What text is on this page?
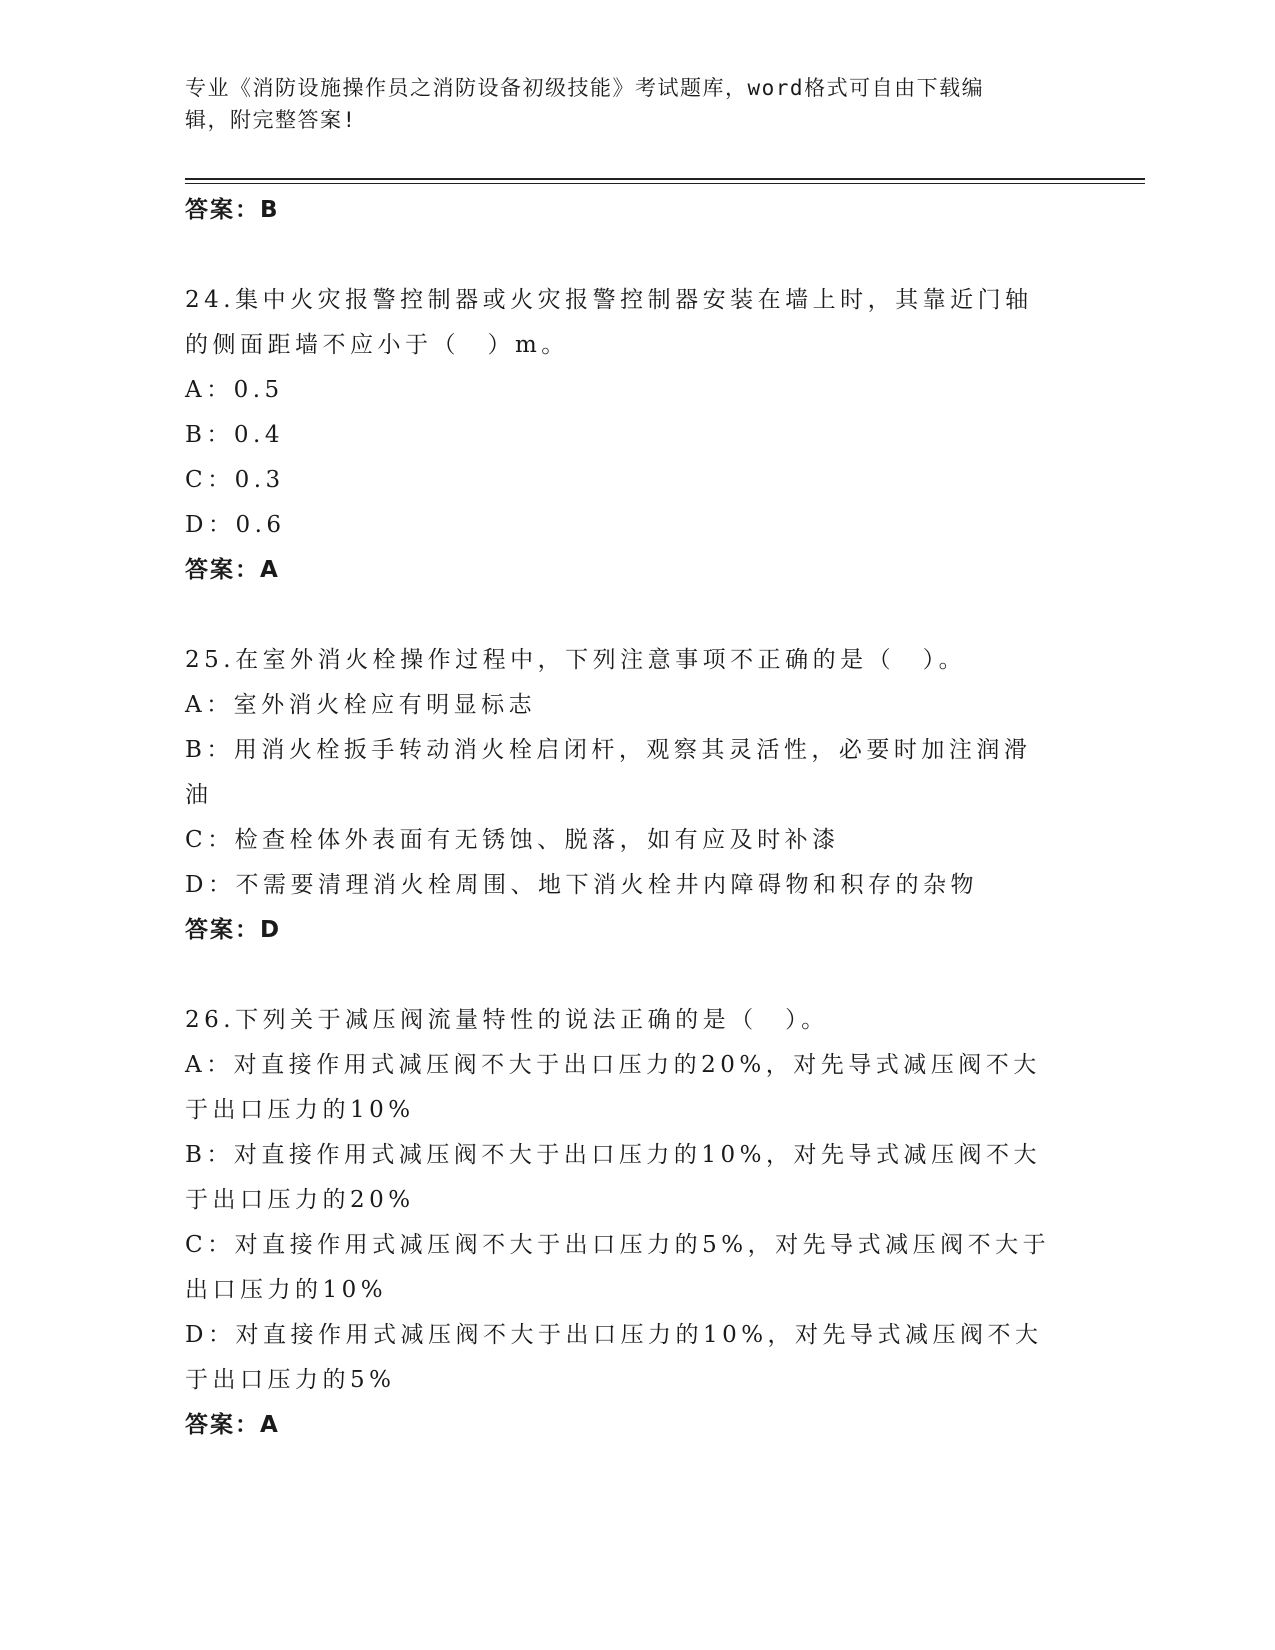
专业《消防设施操作员之消防设备初级技能》考试题库，word格式可自由下载编
辑，附完整答案!
答案：B
24.集中火灾报警控制器或火灾报警控制器安装在墙上时，其靠近门轴
的侧面距墙不应小于（　）m。
A：0.5
B：0.4
C：0.3
D：0.6
答案：A
25.在室外消火栓操作过程中，下列注意事项不正确的是（　）。
A：室外消火栓应有明显标志
B：用消火栓扳手转动消火栓启闭杆，观察其灵活性，必要时加注润滑
油
C：检查栓体外表面有无锈蚀、脱落，如有应及时补漆
D：不需要清理消火栓周围、地下消火栓井内障碍物和积存的杂物
答案：D
26.下列关于减压阀流量特性的说法正确的是（　）。
A：对直接作用式减压阀不大于出口压力的20%，对先导式减压阀不大
于出口压力的10%
B：对直接作用式减压阀不大于出口压力的10%，对先导式减压阀不大
于出口压力的20%
C：对直接作用式减压阀不大于出口压力的5%，对先导式减压阀不大于
出口压力的10%
D：对直接作用式减压阀不大于出口压力的10%，对先导式减压阀不大
于出口压力的5%
答案：A
